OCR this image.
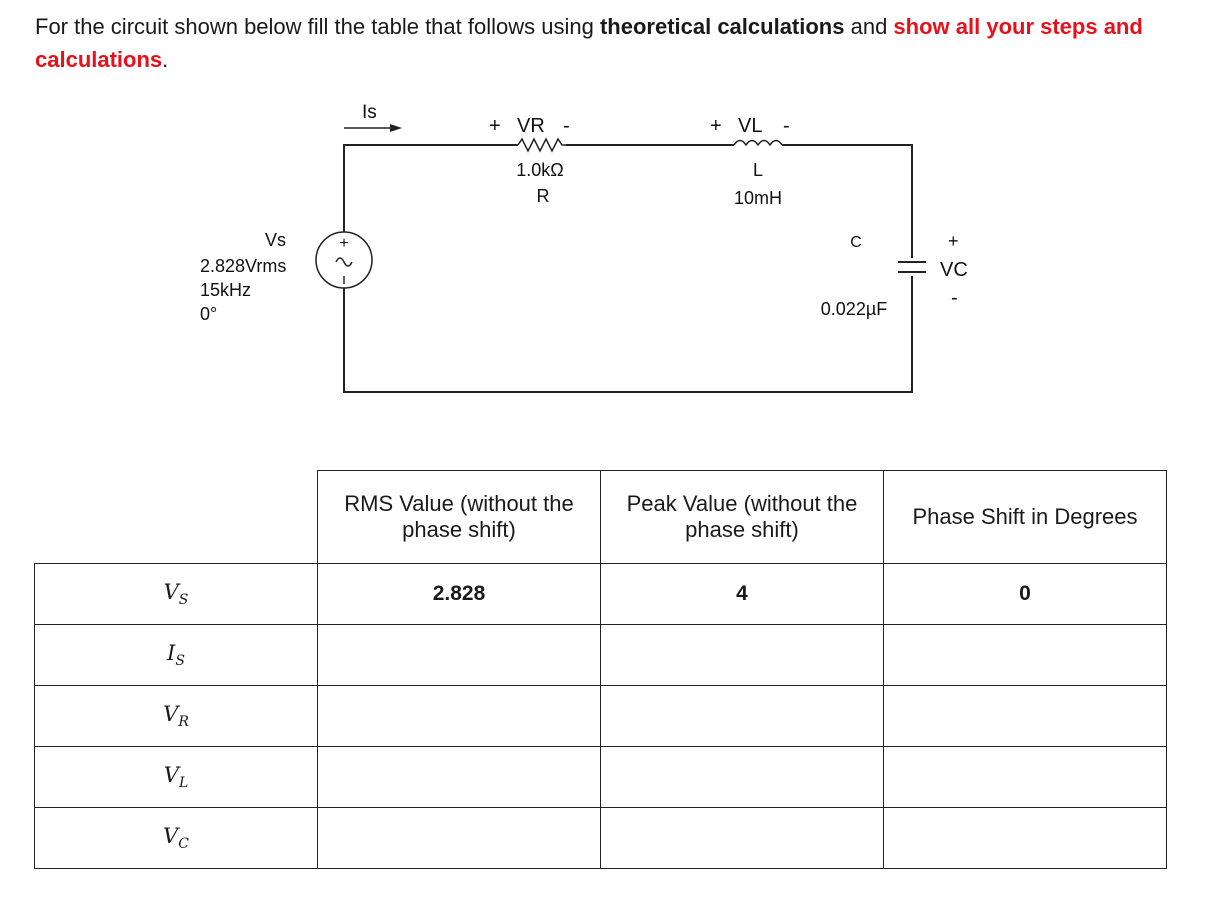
For the circuit shown below fill the table that follows using theoretical calculations and show all your steps and calculations.
Is
+ VR -
1.0kΩ
R
+ VL -
L
10mH
C
0.022µF
+
VC
-
+
Vs
2.828Vrms
15kHz
0°
	RMS Value (without the phase shift)	Peak Value (without the phase shift)	Phase Shift in Degrees
$V_S$	2.828	4	0
$I_S$			
$V_R$			
$V_L$			
$V_C$			
